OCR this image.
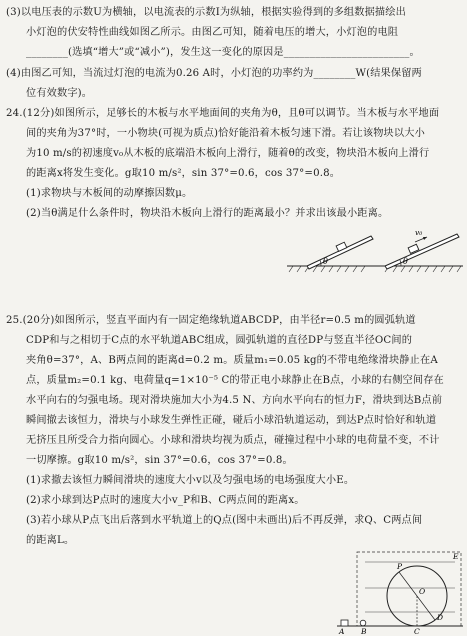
(3)以电压表的示数U为横轴，以电流表的示数I为纵轴，根据实验得到的多组数据描绘出
小灯泡的伏安特性曲线如图乙所示。由图乙可知，随着电压的增大，小灯泡的电阻
________(选填“增大”或“减小”)，发生这一变化的原因是________________________。
(4)由图乙可知，当流过灯泡的电流为0.26 A时，小灯泡的功率约为________W(结果保留两
位有效数字)。
24.(12分)如图所示，足够长的木板与水平地面间的夹角为θ，且θ可以调节。当木板与水平地面
间的夹角为37°时，一小物块(可视为质点)恰好能沿着木板匀速下滑。若让该物块以大小
为10 m/s的初速度v₀从木板的底端沿木板向上滑行，随着θ的改变，物块沿木板向上滑行
的距离x将发生变化。g取10 m/s²，sin 37°=0.6，cos 37°=0.8。
(1)求物块与木板间的动摩擦因数μ。
(2)当θ满足什么条件时，物块沿木板向上滑行的距离最小？并求出该最小距离。
θ	θ
v₀
25.(20分)如图所示，竖直平面内有一固定绝缘轨道ABCDP，由半径r=0.5 m的圆弧轨道
CDP和与之相切于C点的水平轨道ABC组成，圆弧轨道的直径DP与竖直半径OC间的
夹角θ=37°，A、B两点间的距离d=0.2 m。质量m₁=0.05 kg的不带电绝缘滑块静止在A
点，质量m₂=0.1 kg、电荷量q=1×10⁻⁵ C的带正电小球静止在B点，小球的右侧空间存在
水平向右的匀强电场。现对滑块施加大小为4.5 N、方向水平向右的恒力F，滑块到达B点前
瞬间撤去该恒力，滑块与小球发生弹性正碰，碰后小球沿轨道运动，到达P点时恰好和轨道
无挤压且所受合力指向圆心。小球和滑块均视为质点，碰撞过程中小球的电荷量不变，不计
一切摩擦。g取10 m/s²，sin 37°=0.6，cos 37°=0.8。
(1)求撤去该恒力瞬间滑块的速度大小v以及匀强电场的电场强度大小E。
(2)求小球到达P点时的速度大小v_P和B、C两点间的距离x。
(3)若小球从P点飞出后落到水平轨道上的Q点(图中未画出)后不再反弹，求Q、C两点间
的距离L。
P
O
D
A B	C
E
